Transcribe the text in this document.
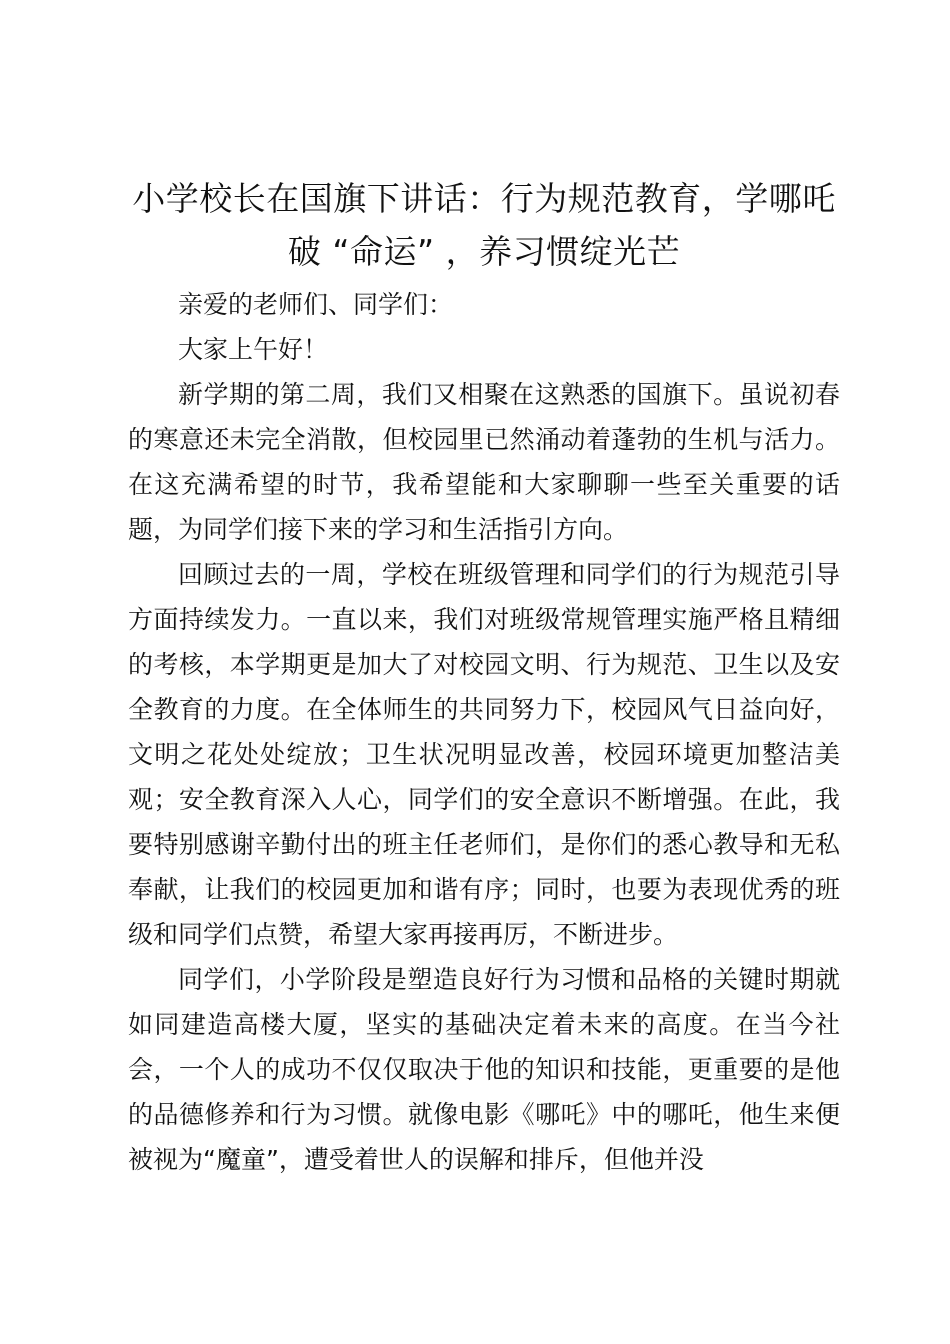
小学校长在国旗下讲话：行为规范教育，学哪吒破 “命运” ，养习惯绽光芒

亲爱的老师们、同学们：

大家上午好！

新学期的第二周，我们又相聚在这熟悉的国旗下。虽说初春的寒意还未完全消散，但校园里已然涌动着蓬勃的生机与活力。在这充满希望的时节，我希望能和大家聊聊一些至关重要的话题，为同学们接下来的学习和生活指引方向。

回顾过去的一周，学校在班级管理和同学们的行为规范引导方面持续发力。一直以来，我们对班级常规管理实施严格且精细的考核，本学期更是加大了对校园文明、行为规范、卫生以及安全教育的力度。在全体师生的共同努力下，校园风气日益向好，文明之花处处绽放；卫生状况明显改善，校园环境更加整洁美观；安全教育深入人心，同学们的安全意识不断增强。在此，我要特别感谢辛勤付出的班主任老师们，是你们的悉心教导和无私奉献，让我们的校园更加和谐有序；同时，也要为表现优秀的班级和同学们点赞，希望大家再接再厉，不断进步。

同学们，小学阶段是塑造良好行为习惯和品格的关键时期就如同建造高楼大厦，坚实的基础决定着未来的高度。在当今社会，一个人的成功不仅仅取决于他的知识和技能，更重要的是他的品德修养和行为习惯。就像电影《哪吒》中的哪吒，他生来便被视为“魔童”，遭受着世人的误解和排斥，但他并没
